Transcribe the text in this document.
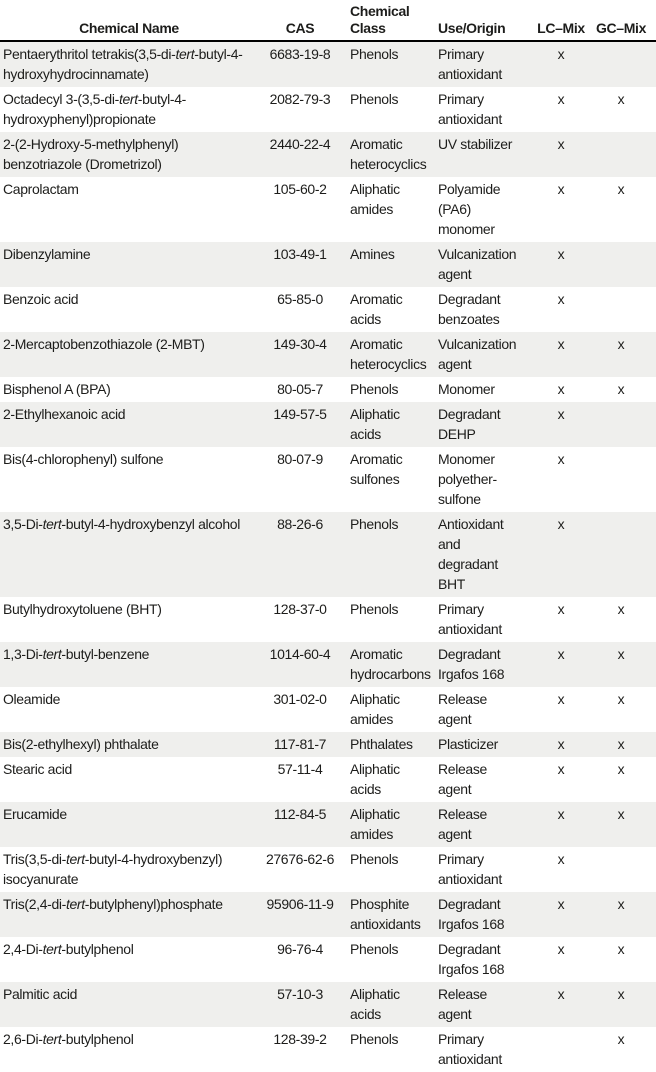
Chemical Name	CAS	Chemical Class	Use/Origin	LC–Mix	GC–Mix
Pentaerythritol tetrakis(3,5-di-tert-butyl-4-hydroxyhydrocinnamate)	6683-19-8	Phenols	Primary antioxidant	x	
Octadecyl 3-(3,5-di-tert-butyl-4-hydroxyphenyl)propionate	2082-79-3	Phenols	Primary antioxidant	x	x
2-(2-Hydroxy-5-methylphenyl) benzotriazole (Drometrizol)	2440-22-4	Aromatic heterocyclics	UV stabilizer	x	
Caprolactam	105-60-2	Aliphatic amides	Polyamide (PA6) monomer	x	x
Dibenzylamine	103-49-1	Amines	Vulcanization agent	x	
Benzoic acid	65-85-0	Aromatic acids	Degradant benzoates	x	
2-Mercaptobenzothiazole (2-MBT)	149-30-4	Aromatic heterocyclics	Vulcanization agent	x	x
Bisphenol A (BPA)	80-05-7	Phenols	Monomer	x	x
2-Ethylhexanoic acid	149-57-5	Aliphatic acids	Degradant DEHP	x	
Bis(4-chlorophenyl) sulfone	80-07-9	Aromatic sulfones	Monomer polyether-sulfone	x	
3,5-Di-tert-butyl-4-hydroxybenzyl alcohol	88-26-6	Phenols	Antioxidant and degradant BHT	x	
Butylhydroxytoluene (BHT)	128-37-0	Phenols	Primary antioxidant	x	x
1,3-Di-tert-butyl-benzene	1014-60-4	Aromatic hydrocarbons	Degradant Irgafos 168	x	x
Oleamide	301-02-0	Aliphatic amides	Release agent	x	x
Bis(2-ethylhexyl) phthalate	117-81-7	Phthalates	Plasticizer	x	x
Stearic acid	57-11-4	Aliphatic acids	Release agent	x	x
Erucamide	112-84-5	Aliphatic amides	Release agent	x	x
Tris(3,5-di-tert-butyl-4-hydroxybenzyl) isocyanurate	27676-62-6	Phenols	Primary antioxidant	x	
Tris(2,4-di-tert-butylphenyl)phosphate	95906-11-9	Phosphite antioxidants	Degradant Irgafos 168	x	x
2,4-Di-tert-butylphenol	96-76-4	Phenols	Degradant Irgafos 168	x	x
Palmitic acid	57-10-3	Aliphatic acids	Release agent	x	x
2,6-Di-tert-butylphenol	128-39-2	Phenols	Primary antioxidant		x
